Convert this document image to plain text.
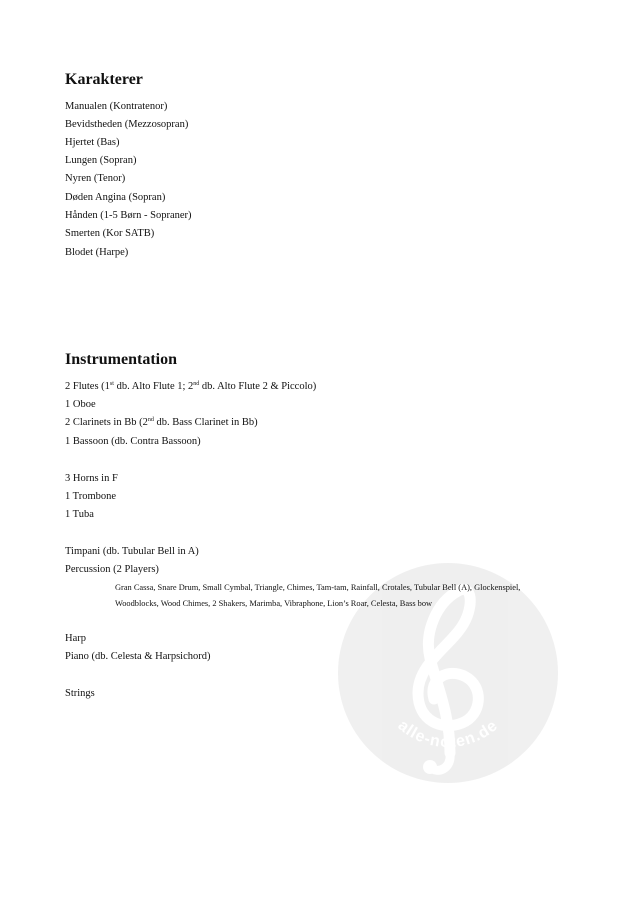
Karakterer
Manualen (Kontratenor)
Bevidstheden (Mezzosopran)
Hjertet (Bas)
Lungen (Sopran)
Nyren (Tenor)
Døden Angina (Sopran)
Hånden (1-5 Børn - Sopraner)
Smerten (Kor SATB)
Blodet (Harpe)
alle-noten.de
Instrumentation
2 Flutes (1st db. Alto Flute 1; 2nd db. Alto Flute 2 & Piccolo)
1 Oboe
2 Clarinets in Bb (2nd db. Bass Clarinet in Bb)
1 Bassoon (db. Contra Bassoon)
3 Horns in F
1 Trombone
1 Tuba
Timpani (db. Tubular Bell in A)
Percussion (2 Players)
Gran Cassa, Snare Drum, Small Cymbal, Triangle, Chimes, Tam-tam, Rainfall, Crotales, Tubular Bell (A), Glockenspiel,
Woodblocks, Wood Chimes, 2 Shakers, Marimba, Vibraphone, Lion’s Roar, Celesta, Bass bow
Harp
Piano (db. Celesta & Harpsichord)
Strings
